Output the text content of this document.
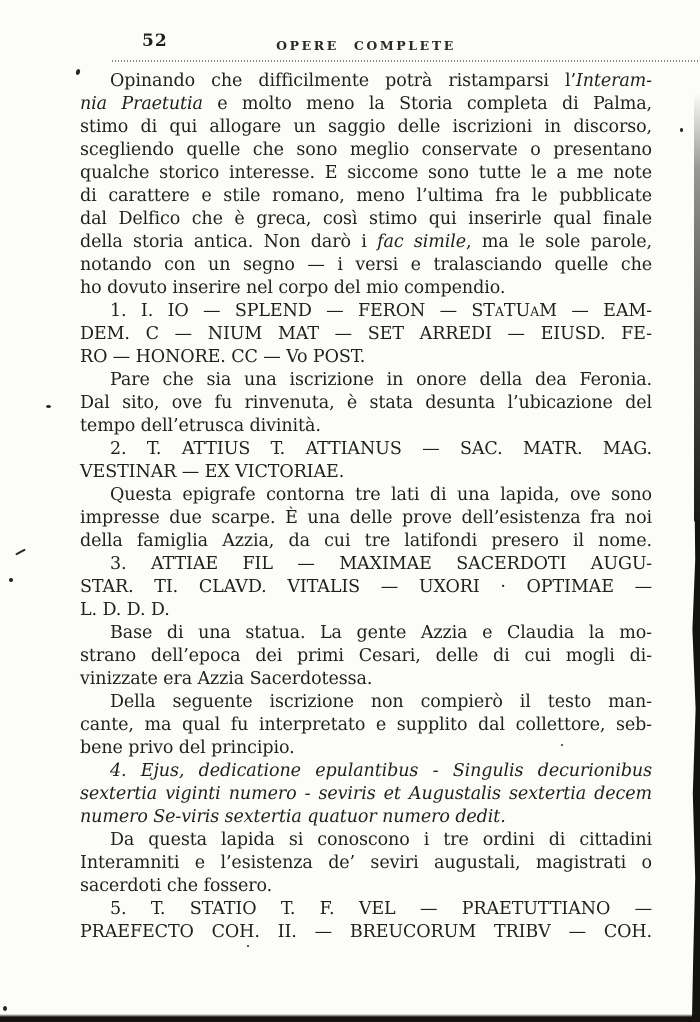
52	OPERE COMPLETE
Opinando che difficilmente potrà ristamparsi l’Interam-
nia Praetutia e molto meno la Storia completa di Palma,
stimo di qui allogare un saggio delle iscrizioni in discorso,
scegliendo quelle che sono meglio conservate o presentano
qualche storico interesse. E siccome sono tutte le a me note
di carattere e stile romano, meno l’ultima fra le pubblicate
dal Delfico che è greca, così stimo qui inserirle qual finale
della storia antica. Non darò i fac simile, ma le sole parole,
notando con un segno — i versi e tralasciando quelle che
ho dovuto inserire nel corpo del mio compendio.
1. I. IO — SPLEND — FERON — STATUAM — EAM-
DEM. C — NIUM MAT — SET ARREDI — EIUSD. FE-
RO — HONORE. CC — Vo POST.
Pare che sia una iscrizione in onore della dea Feronia.
Dal sito, ove fu rinvenuta, è stata desunta l’ubicazione del
tempo dell’etrusca divinità.
2. T. ATTIUS T. ATTIANUS — SAC. MATR. MAG.
VESTINAR — EX VICTORIAE.
Questa epigrafe contorna tre lati di una lapida, ove sono
impresse due scarpe. È una delle prove dell’esistenza fra noi
della famiglia Azzia, da cui tre latifondi presero il nome.
3. ATTIAE FIL — MAXIMAE SACERDOTI AUGU-
STAR. TI. CLAVD. VITALIS — UXORI · OPTIMAE —
L. D. D. D.
Base di una statua. La gente Azzia e Claudia la mo-
strano dell’epoca dei primi Cesari, delle di cui mogli di-
vinizzate era Azzia Sacerdotessa.
Della seguente iscrizione non compierò il testo man-
cante, ma qual fu interpretato e supplito dal collettore, seb-
bene privo del principio.
4. Ejus, dedicatione epulantibus - Singulis decurionibus
sextertia viginti numero - seviris et Augustalis sextertia decem
numero Se-viris sextertia quatuor numero dedit.
Da questa lapida si conoscono i tre ordini di cittadini
Interamniti e l’esistenza de’ seviri augustali, magistrati o
sacerdoti che fossero.
5. T. STATIO T. F. VEL — PRAETUTTIANO —
PRAEFECTO COH. II. — BREUCORUM TRIBV — COH.
